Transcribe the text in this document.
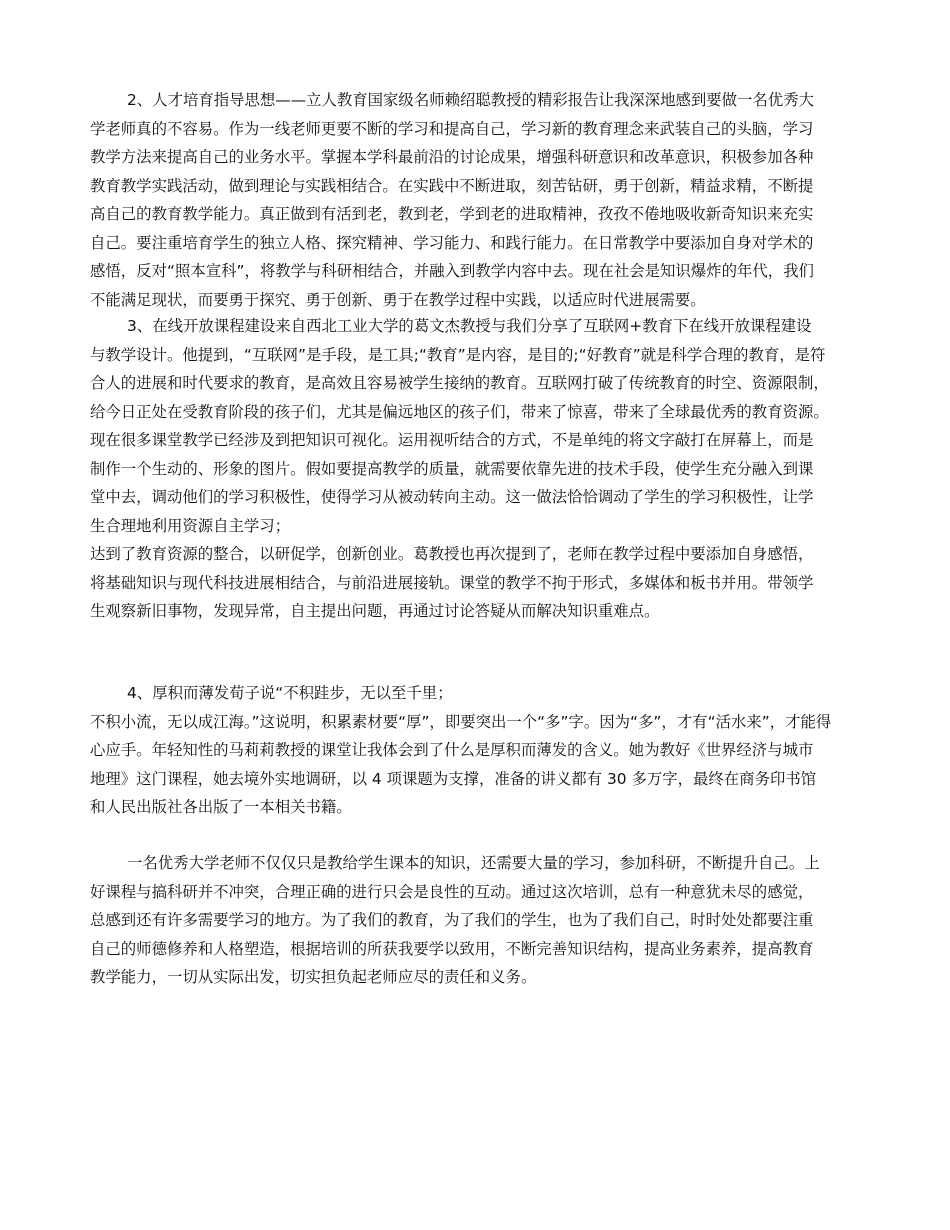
2、人才培育指导思想——立人教育国家级名师赖绍聪教授的精彩报告让我深深地感到要做一名优秀大
学老师真的不容易。作为一线老师更要不断的学习和提高自己，学习新的教育理念来武装自己的头脑，学习
教学方法来提高自己的业务水平。掌握本学科最前沿的讨论成果，增强科研意识和改革意识，积极参加各种
教育教学实践活动，做到理论与实践相结合。在实践中不断进取，刻苦钻研，勇于创新，精益求精，不断提
高自己的教育教学能力。真正做到有活到老，教到老，学到老的进取精神，孜孜不倦地吸收新奇知识来充实
自己。要注重培育学生的独立人格、探究精神、学习能力、和践行能力。在日常教学中要添加自身对学术的
感悟，反对“照本宣科”，将教学与科研相结合，并融入到教学内容中去。现在社会是知识爆炸的年代，我们
不能满足现状，而要勇于探究、勇于创新、勇于在教学过程中实践，以适应时代进展需要。
3、在线开放课程建设来自西北工业大学的葛文杰教授与我们分享了互联网+教育下在线开放课程建设
与教学设计。他提到，“互联网”是手段，是工具;“教育”是内容，是目的;“好教育”就是科学合理的教育，是符
合人的进展和时代要求的教育，是高效且容易被学生接纳的教育。互联网打破了传统教育的时空、资源限制，
给今日正处在受教育阶段的孩子们，尤其是偏远地区的孩子们，带来了惊喜，带来了全球最优秀的教育资源。
现在很多课堂教学已经涉及到把知识可视化。运用视听结合的方式，不是单纯的将文字敲打在屏幕上，而是
制作一个生动的、形象的图片。假如要提高教学的质量，就需要依靠先进的技术手段，使学生充分融入到课
堂中去，调动他们的学习积极性，使得学习从被动转向主动。这一做法恰恰调动了学生的学习积极性，让学
生合理地利用资源自主学习；
达到了教育资源的整合，以研促学，创新创业。葛教授也再次提到了，老师在教学过程中要添加自身感悟，
将基础知识与现代科技进展相结合，与前沿进展接轨。课堂的教学不拘于形式，多媒体和板书并用。带领学
生观察新旧事物，发现异常，自主提出问题，再通过讨论答疑从而解决知识重难点。
4、厚积而薄发荀子说“不积跬步，无以至千里；
不积小流，无以成江海。”这说明，积累素材要“厚”，即要突出一个“多”字。因为“多”，才有“活水来”，才能得
心应手。年轻知性的马莉莉教授的课堂让我体会到了什么是厚积而薄发的含义。她为教好《世界经济与城市
地理》这门课程，她去境外实地调研，以 4 项课题为支撑，准备的讲义都有 30 多万字，最终在商务印书馆
和人民出版社各出版了一本相关书籍。
一名优秀大学老师不仅仅只是教给学生课本的知识，还需要大量的学习，参加科研，不断提升自己。上
好课程与搞科研并不冲突，合理正确的进行只会是良性的互动。通过这次培训，总有一种意犹未尽的感觉，
总感到还有许多需要学习的地方。为了我们的教育，为了我们的学生，也为了我们自己，时时处处都要注重
自己的师德修养和人格塑造，根据培训的所获我要学以致用，不断完善知识结构，提高业务素养，提高教育
教学能力，一切从实际出发，切实担负起老师应尽的责任和义务。
